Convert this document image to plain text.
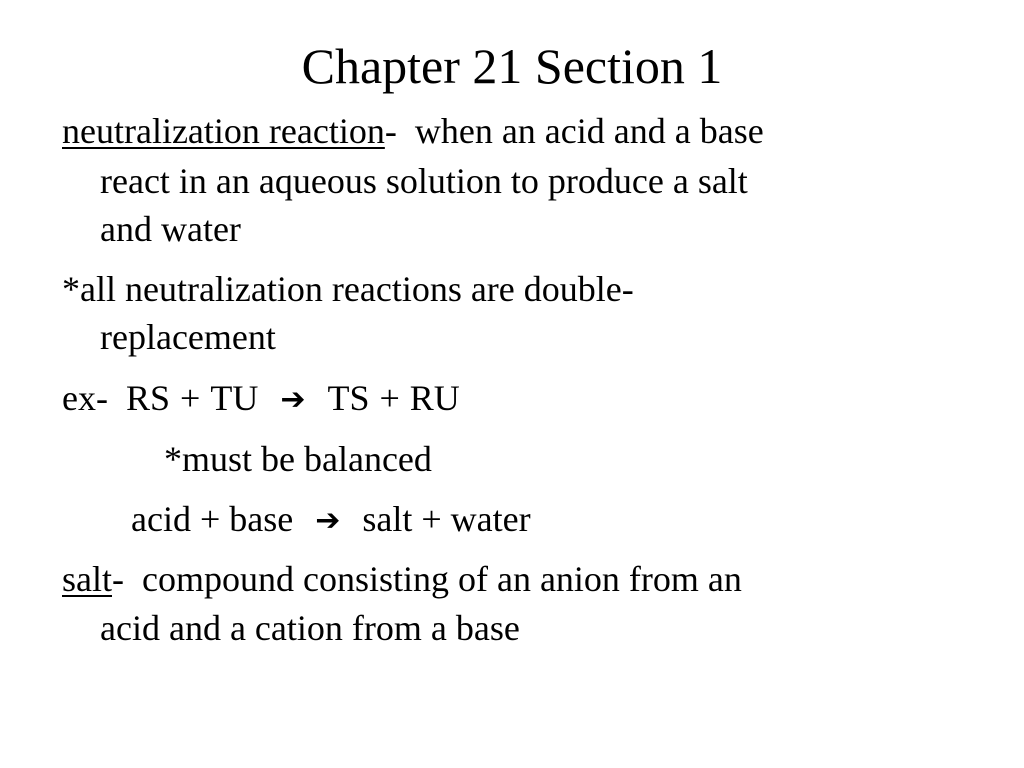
Chapter 21 Section 1
neutralization reaction-  when an acid and a base
react in an aqueous solution to produce a salt
and water
*all neutralization reactions are double-
replacement
ex- RS + TU ➔ TS + RU
*must be balanced
acid + base ➔ salt + water
salt-  compound consisting of an anion from an
acid and a cation from a base
